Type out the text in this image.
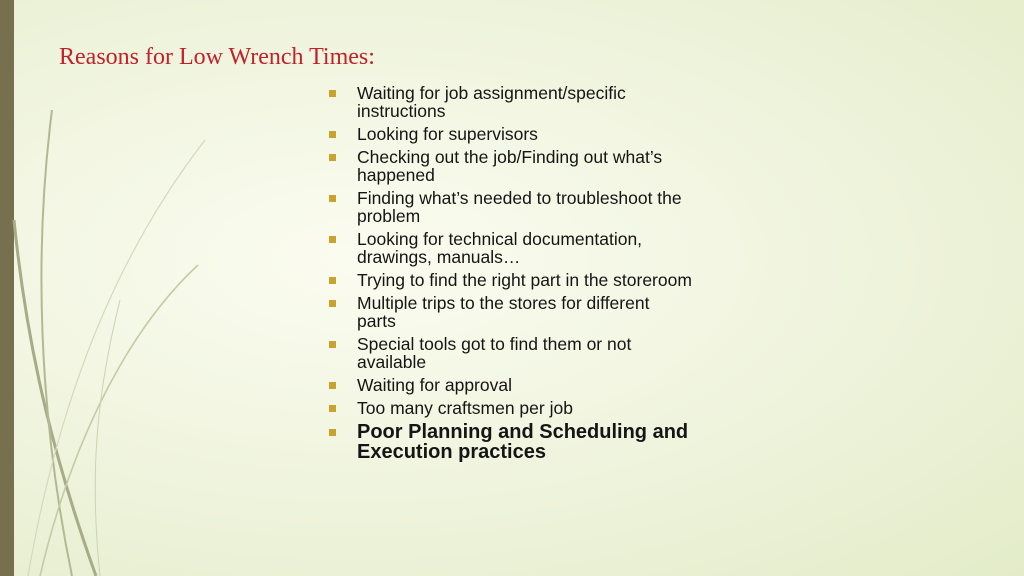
Reasons for Low Wrench Times:
Waiting for job assignment/specific instructions
Looking for supervisors
Checking out the job/Finding out what’s happened
Finding what’s needed to troubleshoot the problem
Looking for technical documentation, drawings, manuals…
Trying to find the right part in the storeroom
Multiple trips to the stores for different parts
Special tools got to find them or not available
Waiting for approval
Too many craftsmen per job
Poor Planning and Scheduling and Execution practices
